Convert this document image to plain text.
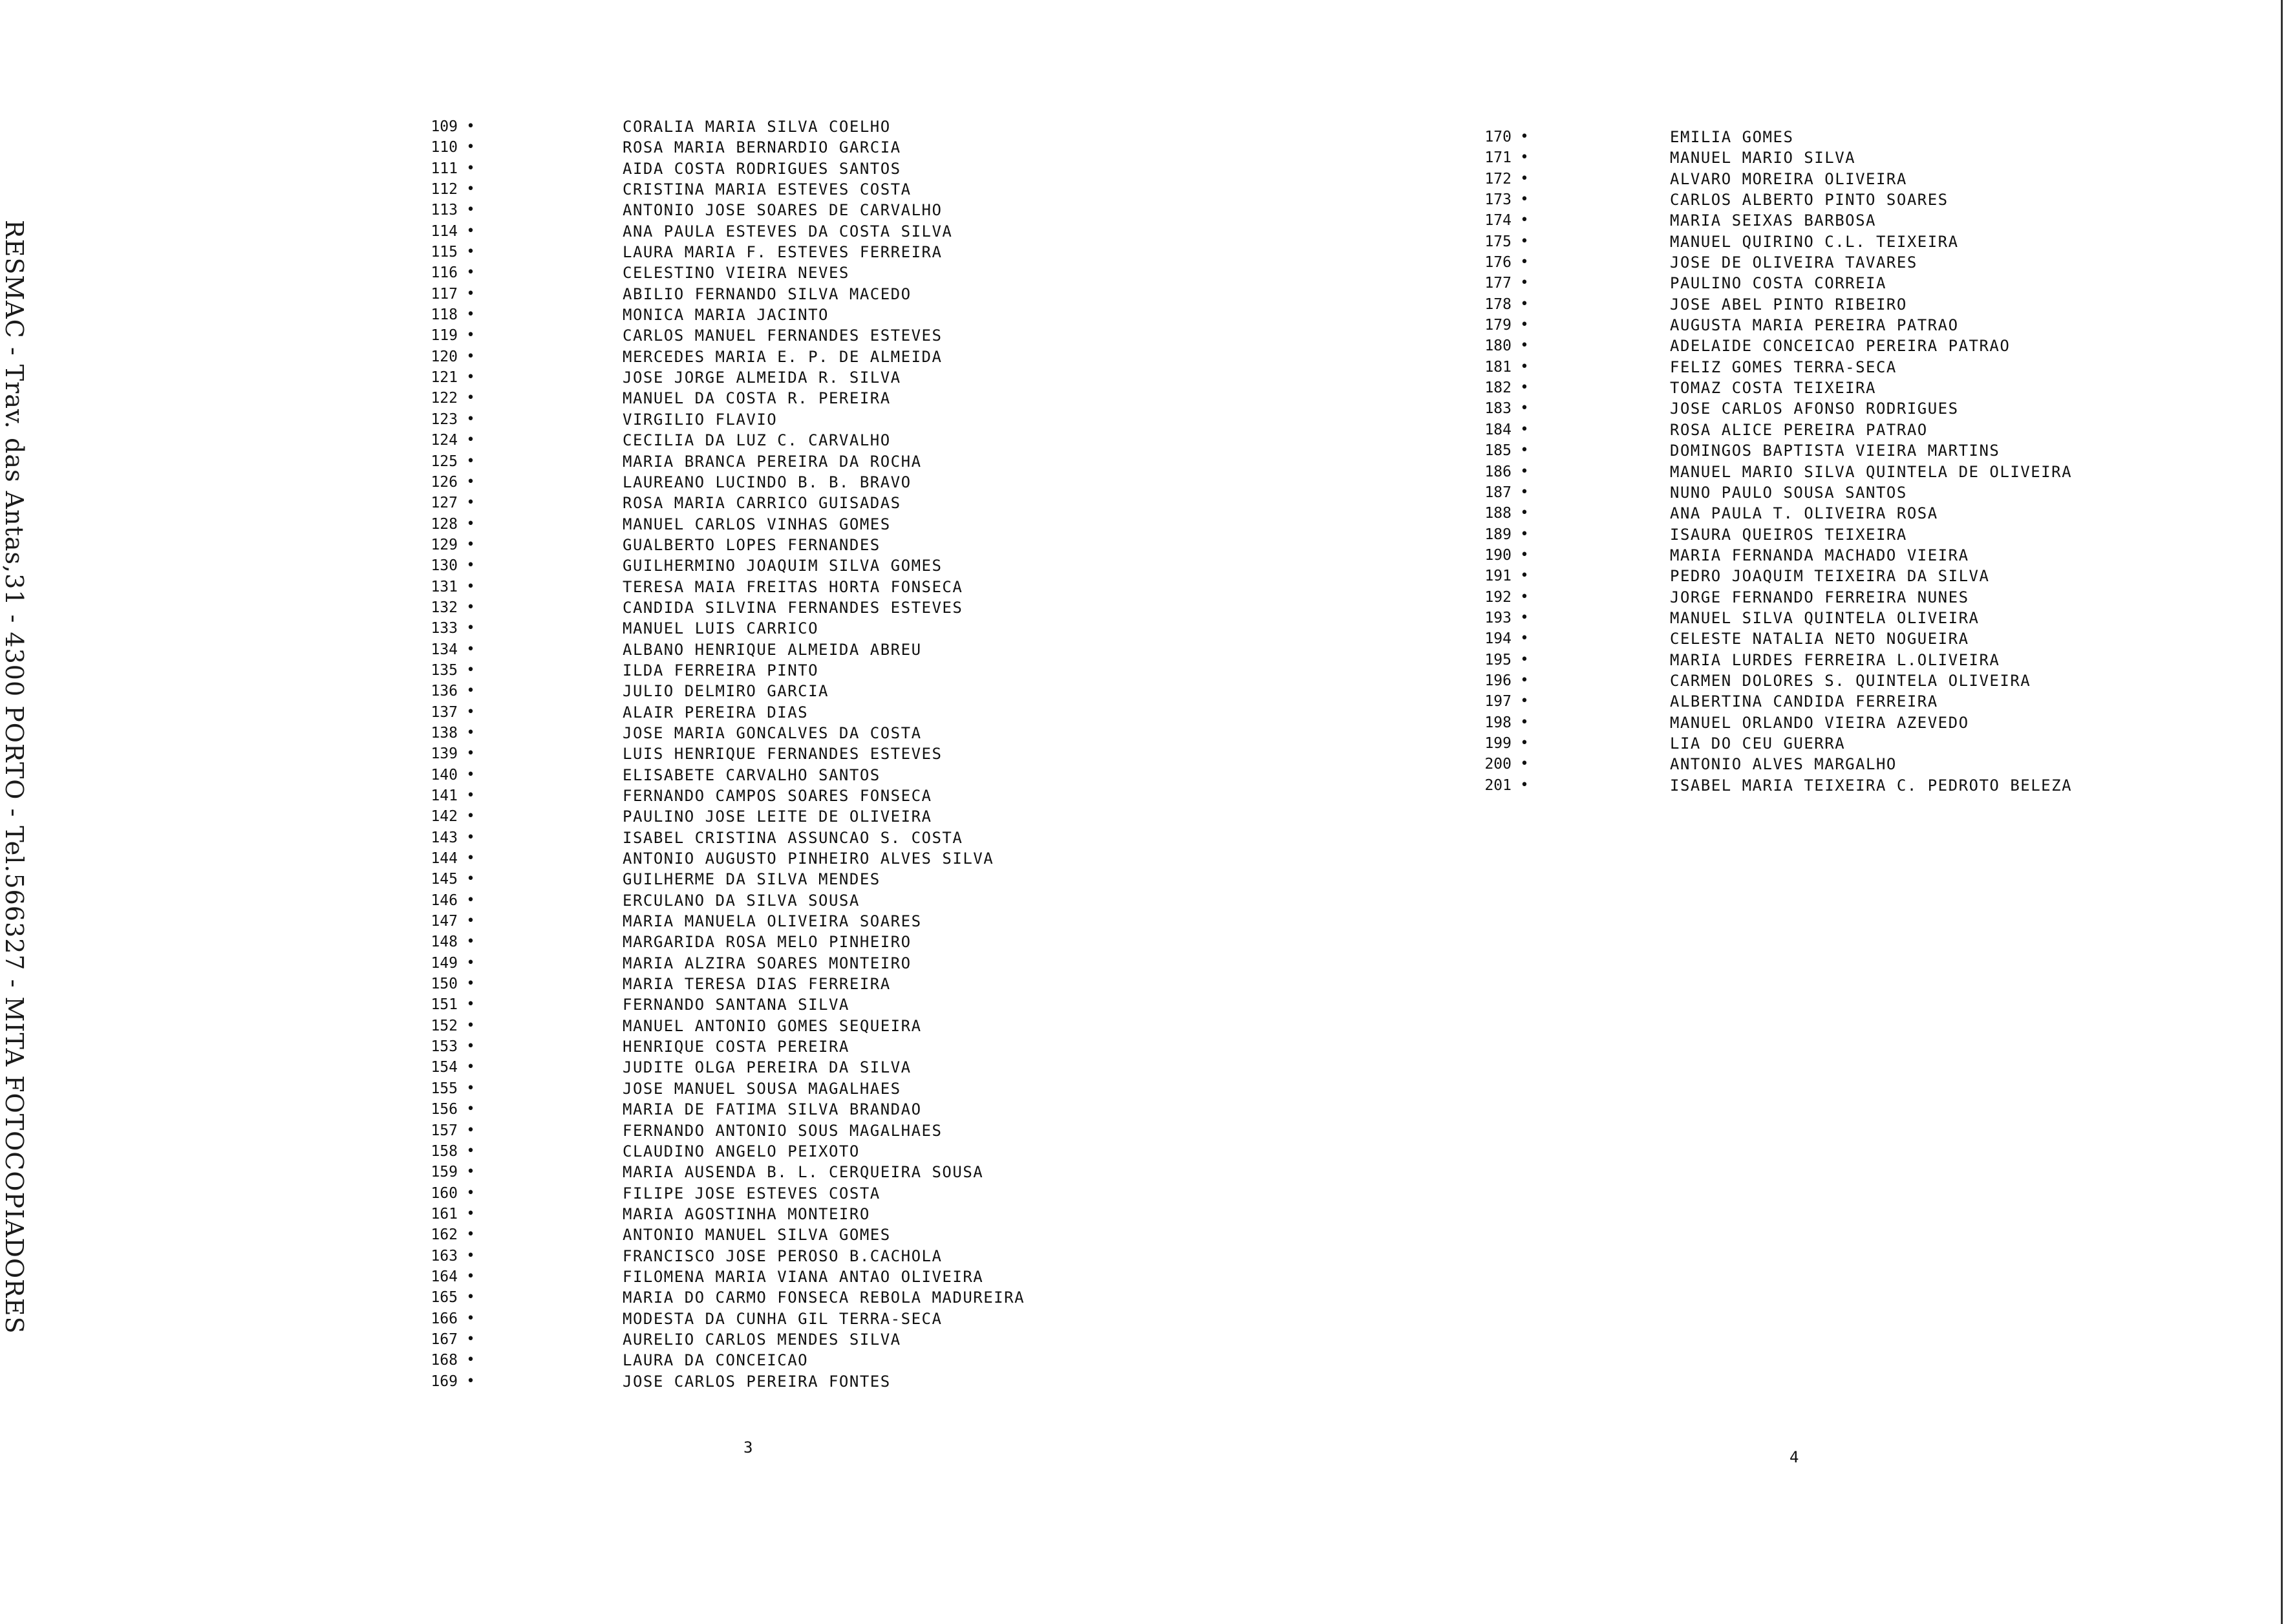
RESMAC - Trav. das Antas,31 - 4300 PORTO - Tel.566327 - MITA FOTOCOPIADORES
109 •	CORALIA MARIA SILVA COELHO
110 •	ROSA MARIA BERNARDIO GARCIA
111 •	AIDA COSTA RODRIGUES SANTOS
112 •	CRISTINA MARIA ESTEVES COSTA
113 •	ANTONIO JOSE SOARES DE CARVALHO
114 •	ANA PAULA ESTEVES DA COSTA SILVA
115 •	LAURA MARIA F. ESTEVES FERREIRA
116 •	CELESTINO VIEIRA NEVES
117 •	ABILIO FERNANDO SILVA MACEDO
118 •	MONICA MARIA JACINTO
119 •	CARLOS MANUEL FERNANDES ESTEVES
120 •	MERCEDES MARIA E. P. DE ALMEIDA
121 •	JOSE JORGE ALMEIDA R. SILVA
122 •	MANUEL DA COSTA R. PEREIRA
123 •	VIRGILIO FLAVIO
124 •	CECILIA DA LUZ C. CARVALHO
125 •	MARIA BRANCA PEREIRA DA ROCHA
126 •	LAUREANO LUCINDO B. B. BRAVO
127 •	ROSA MARIA CARRICO GUISADAS
128 •	MANUEL CARLOS VINHAS GOMES
129 •	GUALBERTO LOPES FERNANDES
130 •	GUILHERMINO JOAQUIM SILVA GOMES
131 •	TERESA MAIA FREITAS HORTA FONSECA
132 •	CANDIDA SILVINA FERNANDES ESTEVES
133 •	MANUEL LUIS CARRICO
134 •	ALBANO HENRIQUE ALMEIDA ABREU
135 •	ILDA FERREIRA PINTO
136 •	JULIO DELMIRO GARCIA
137 •	ALAIR PEREIRA DIAS
138 •	JOSE MARIA GONCALVES DA COSTA
139 •	LUIS HENRIQUE FERNANDES ESTEVES
140 •	ELISABETE CARVALHO SANTOS
141 •	FERNANDO CAMPOS SOARES FONSECA
142 •	PAULINO JOSE LEITE DE OLIVEIRA
143 •	ISABEL CRISTINA ASSUNCAO S. COSTA
144 •	ANTONIO AUGUSTO PINHEIRO ALVES SILVA
145 •	GUILHERME DA SILVA MENDES
146 •	ERCULANO DA SILVA SOUSA
147 •	MARIA MANUELA OLIVEIRA SOARES
148 •	MARGARIDA ROSA MELO PINHEIRO
149 •	MARIA ALZIRA SOARES MONTEIRO
150 •	MARIA TERESA DIAS FERREIRA
151 •	FERNANDO SANTANA SILVA
152 •	MANUEL ANTONIO GOMES SEQUEIRA
153 •	HENRIQUE COSTA PEREIRA
154 •	JUDITE OLGA PEREIRA DA SILVA
155 •	JOSE MANUEL SOUSA MAGALHAES
156 •	MARIA DE FATIMA SILVA BRANDAO
157 •	FERNANDO ANTONIO SOUS MAGALHAES
158 •	CLAUDINO ANGELO PEIXOTO
159 •	MARIA AUSENDA B. L. CERQUEIRA SOUSA
160 •	FILIPE JOSE ESTEVES COSTA
161 •	MARIA AGOSTINHA MONTEIRO
162 •	ANTONIO MANUEL SILVA GOMES
163 •	FRANCISCO JOSE PEROSO B.CACHOLA
164 •	FILOMENA MARIA VIANA ANTAO OLIVEIRA
165 •	MARIA DO CARMO FONSECA REBOLA MADUREIRA
166 •	MODESTA DA CUNHA GIL TERRA-SECA
167 •	AURELIO CARLOS MENDES SILVA
168 •	LAURA DA CONCEICAO
169 •	JOSE CARLOS PEREIRA FONTES
170 •	EMILIA GOMES
171 •	MANUEL MARIO SILVA
172 •	ALVARO MOREIRA OLIVEIRA
173 •	CARLOS ALBERTO PINTO SOARES
174 •	MARIA SEIXAS BARBOSA
175 •	MANUEL QUIRINO C.L. TEIXEIRA
176 •	JOSE DE OLIVEIRA TAVARES
177 •	PAULINO COSTA CORREIA
178 •	JOSE ABEL PINTO RIBEIRO
179 •	AUGUSTA MARIA PEREIRA PATRAO
180 •	ADELAIDE CONCEICAO PEREIRA PATRAO
181 •	FELIZ GOMES TERRA-SECA
182 •	TOMAZ COSTA TEIXEIRA
183 •	JOSE CARLOS AFONSO RODRIGUES
184 •	ROSA ALICE PEREIRA PATRAO
185 •	DOMINGOS BAPTISTA VIEIRA MARTINS
186 •	MANUEL MARIO SILVA QUINTELA DE OLIVEIRA
187 •	NUNO PAULO SOUSA SANTOS
188 •	ANA PAULA T. OLIVEIRA ROSA
189 •	ISAURA QUEIROS TEIXEIRA
190 •	MARIA FERNANDA MACHADO VIEIRA
191 •	PEDRO JOAQUIM TEIXEIRA DA SILVA
192 •	JORGE FERNANDO FERREIRA NUNES
193 •	MANUEL SILVA QUINTELA OLIVEIRA
194 •	CELESTE NATALIA NETO NOGUEIRA
195 •	MARIA LURDES FERREIRA L.OLIVEIRA
196 •	CARMEN DOLORES S. QUINTELA OLIVEIRA
197 •	ALBERTINA CANDIDA FERREIRA
198 •	MANUEL ORLANDO VIEIRA AZEVEDO
199 •	LIA DO CEU GUERRA
200 •	ANTONIO ALVES MARGALHO
201 •	ISABEL MARIA TEIXEIRA C. PEDROTO BELEZA
3
4
